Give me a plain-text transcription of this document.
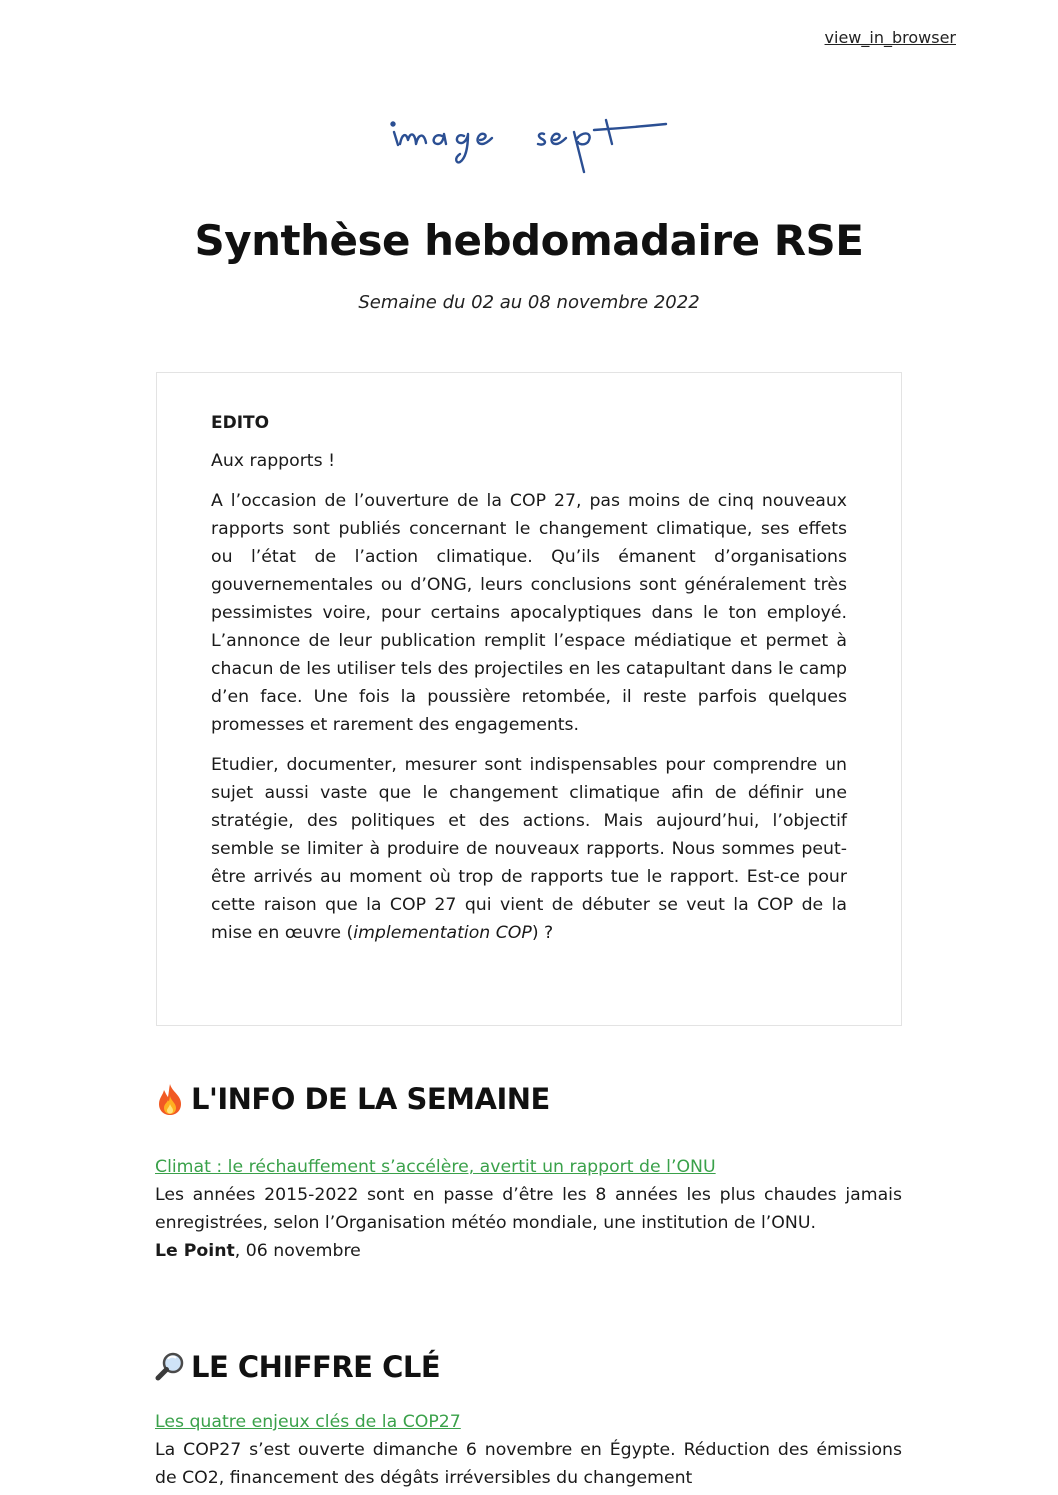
view_in_browser
Synthèse hebdomadaire RSE
Semaine du 02 au 08 novembre 2022

EDITO

Aux rapports !

A l’occasion de l’ouverture de la COP 27, pas moins de cinq nouveaux rapports sont publiés concernant le changement climatique, ses effets ou l’état de l’action climatique. Qu’ils émanent d’organisations gouvernementales ou d’ONG, leurs conclusions sont généralement très pessimistes voire, pour certains apocalyptiques dans le ton employé. L’annonce de leur publication remplit l’espace médiatique et permet à chacun de les utiliser tels des projectiles en les catapultant dans le camp d’en face. Une fois la poussière retombée, il reste parfois quelques promesses et rarement des engagements.

Etudier, documenter, mesurer sont indispensables pour comprendre un sujet aussi vaste que le changement climatique afin de définir une stratégie, des politiques et des actions. Mais aujourd’hui, l’objectif semble se limiter à produire de nouveaux rapports. Nous sommes peut-être arrivés au moment où trop de rapports tue le rapport. Est-ce pour cette raison que la COP 27 qui vient de débuter se veut la COP de la mise en œuvre (implementation COP) ?

L'INFO DE LA SEMAINE
Climat : le réchauffement s’accélère, avertit un rapport de l’ONU

Les années 2015-2022 sont en passe d’être les 8 années les plus chaudes jamais enregistrées, selon l’Organisation météo mondiale, une institution de l’ONU.

Le Point, 06 novembre

LE CHIFFRE CLÉ
Les quatre enjeux clés de la COP27

La COP27 s’est ouverte dimanche 6 novembre en Égypte. Réduction des émissions de CO2, financement des dégâts irréversibles du changement
